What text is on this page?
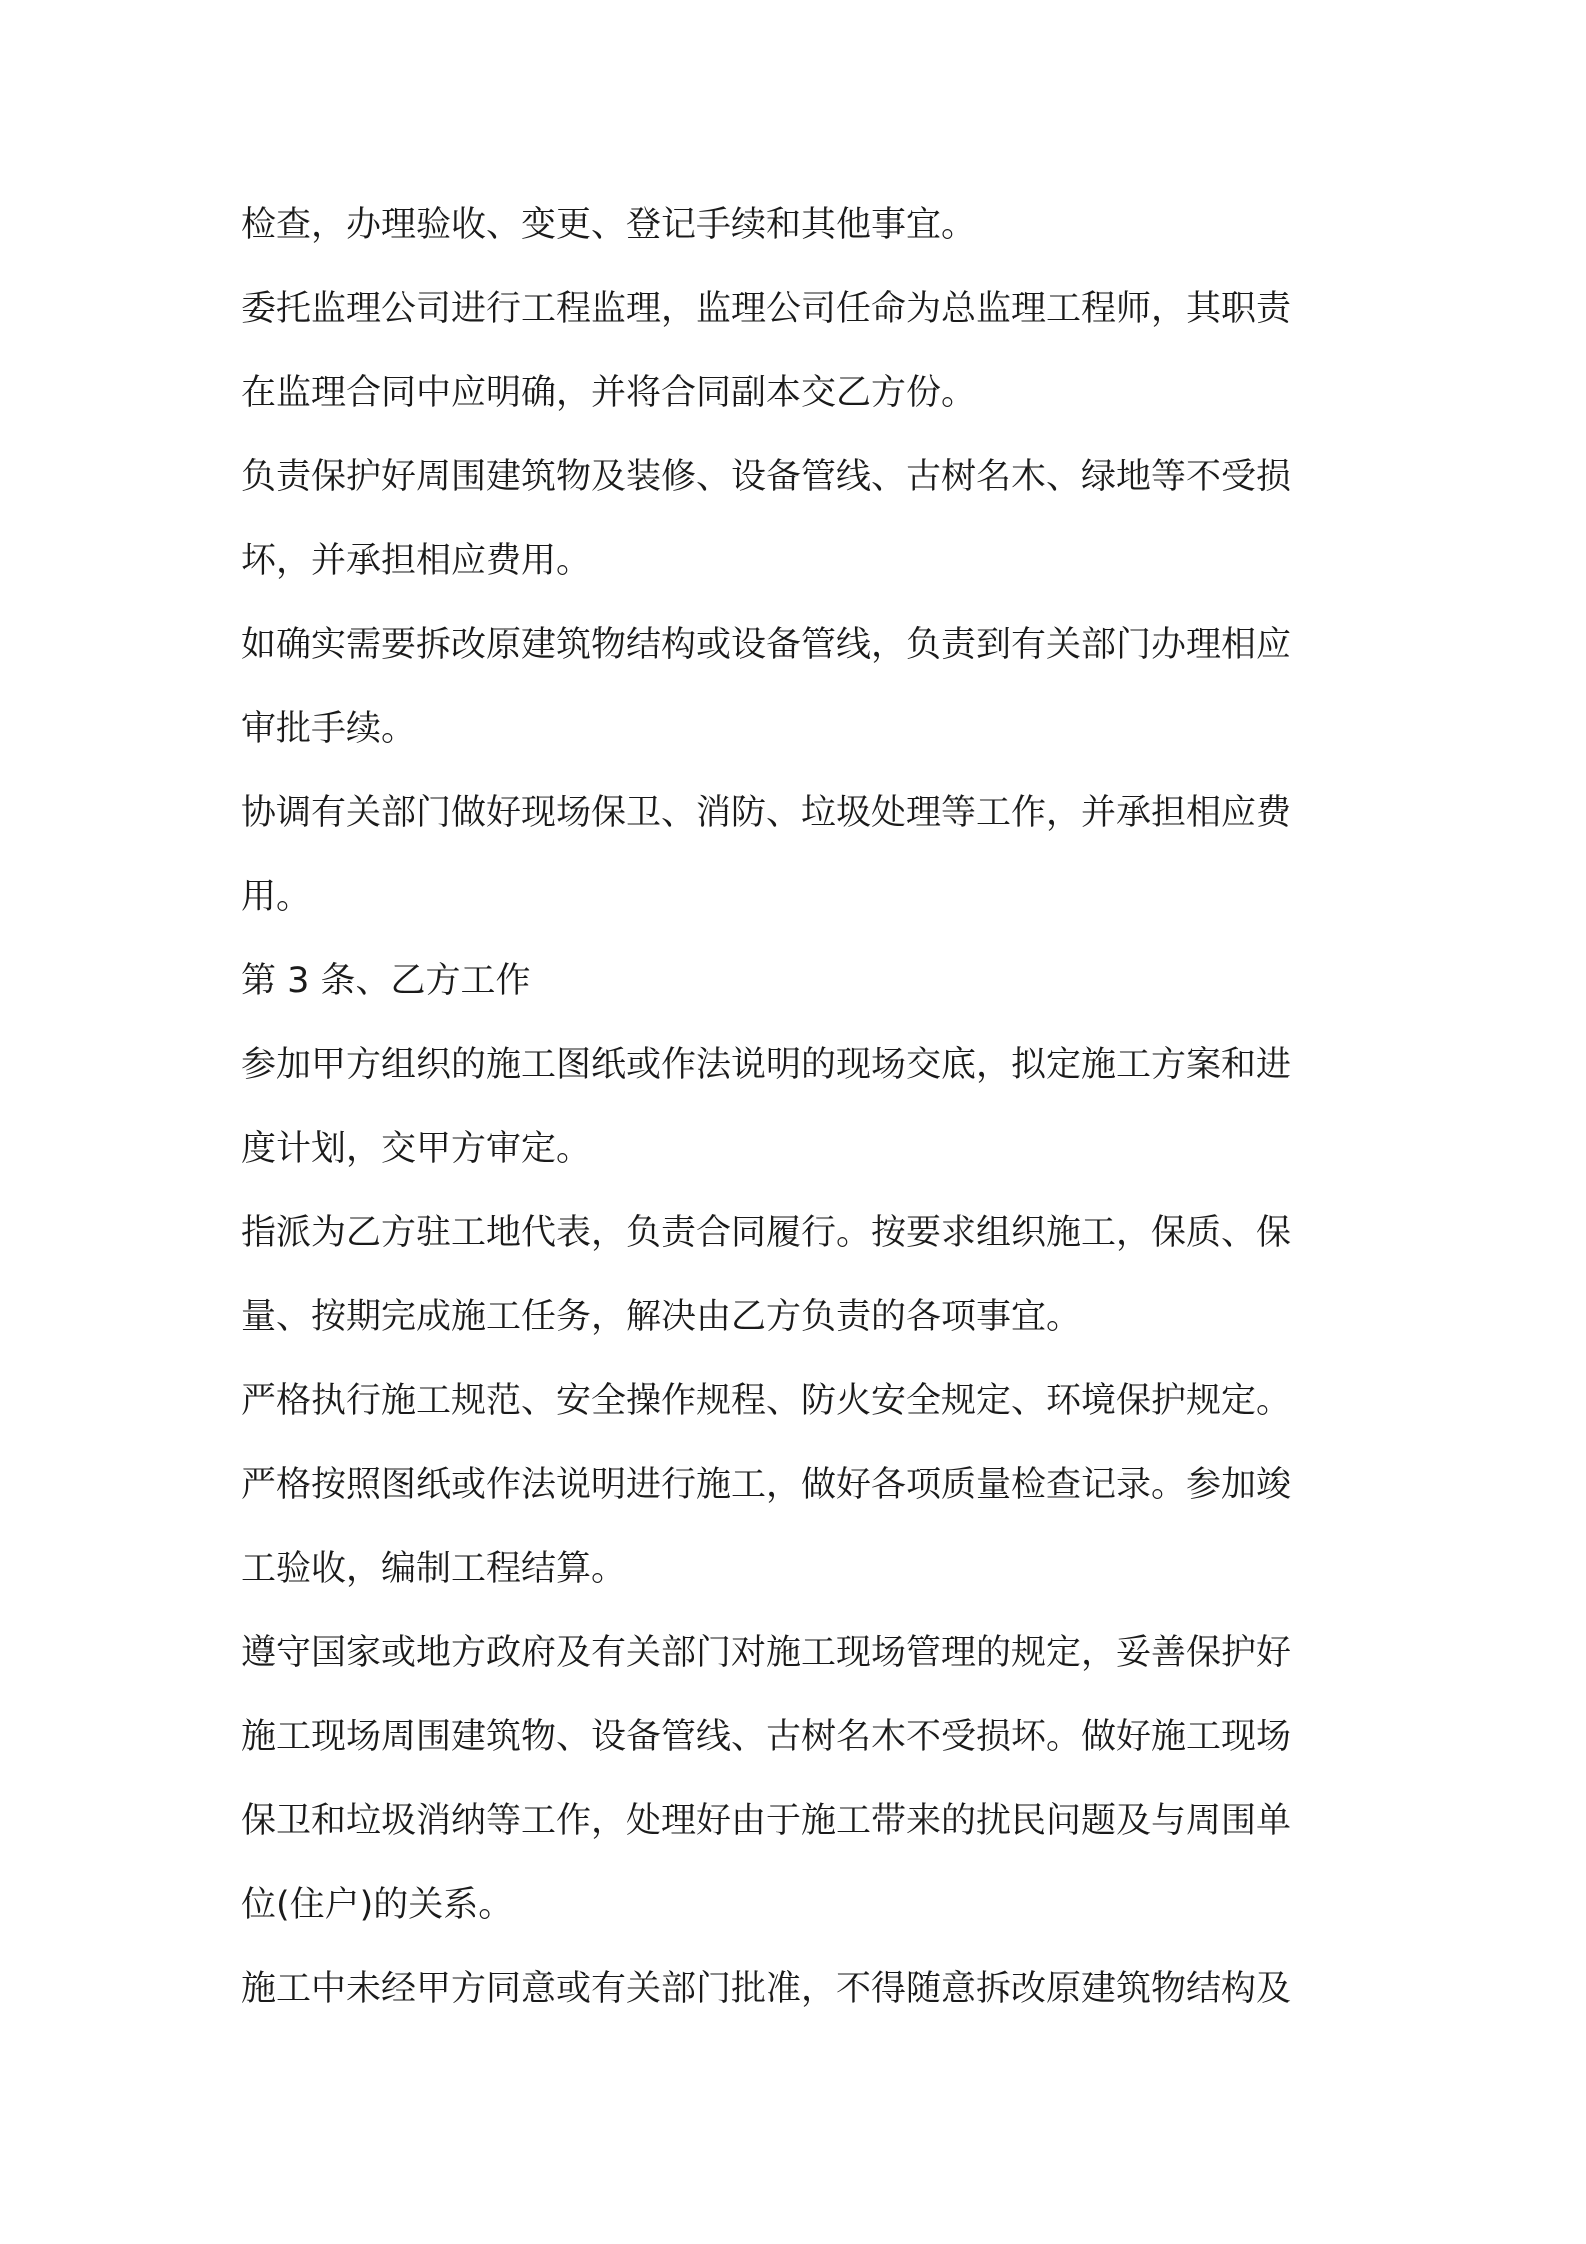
检查，办理验收、变更、登记手续和其他事宜。
委托监理公司进行工程监理，监理公司任命为总监理工程师，其职责
在监理合同中应明确，并将合同副本交乙方份。
负责保护好周围建筑物及装修、设备管线、古树名木、绿地等不受损
坏，并承担相应费用。
如确实需要拆改原建筑物结构或设备管线，负责到有关部门办理相应
审批手续。
协调有关部门做好现场保卫、消防、垃圾处理等工作，并承担相应费
用。
第 3 条、乙方工作
参加甲方组织的施工图纸或作法说明的现场交底，拟定施工方案和进
度计划，交甲方审定。
指派为乙方驻工地代表，负责合同履行。按要求组织施工，保质、保
量、按期完成施工任务，解决由乙方负责的各项事宜。
严格执行施工规范、安全操作规程、防火安全规定、环境保护规定。
严格按照图纸或作法说明进行施工，做好各项质量检查记录。参加竣
工验收，编制工程结算。
遵守国家或地方政府及有关部门对施工现场管理的规定，妥善保护好
施工现场周围建筑物、设备管线、古树名木不受损坏。做好施工现场
保卫和垃圾消纳等工作，处理好由于施工带来的扰民问题及与周围单
位(住户)的关系。
施工中未经甲方同意或有关部门批准，不得随意拆改原建筑物结构及
